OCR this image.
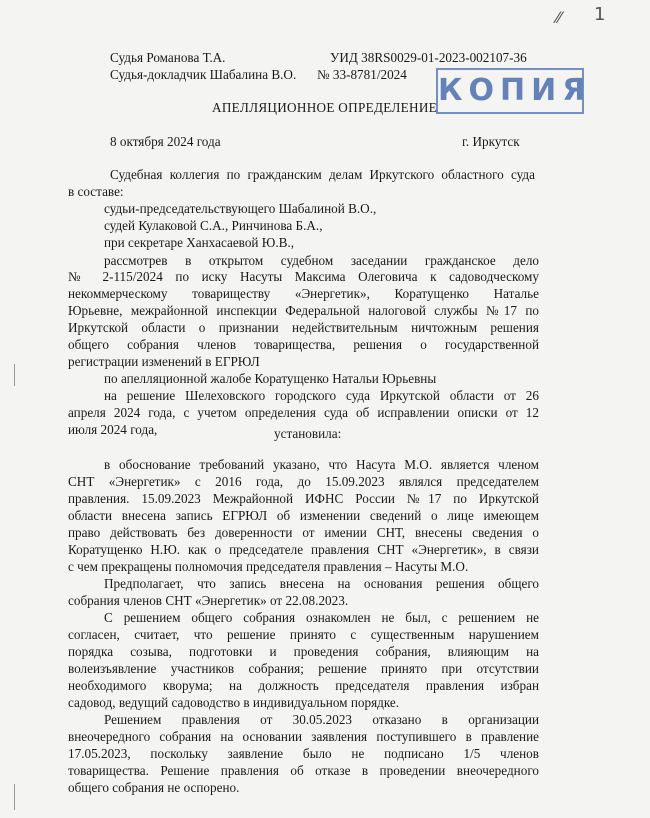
⁄⁄ 1
Судья Романова Т.А.	УИД 38RS0029-01-2023-002107-36
Судья-докладчик Шабалина В.О. № 33-8781/2024
АПЕЛЛЯЦИОННОЕ ОПРЕДЕЛЕНИЕ КОПИЯ
8 октября 2024 года	г. Иркутск
Судебная коллегия по гражданским делам Иркутского областного суда
в составе:
судьи-председательствующего Шабалиной В.О.,
судей Кулаковой С.А., Ринчинова Б.А.,
при секретаре Ханхасаевой Ю.В.,
рассмотрев в открытом судебном заседании гражданское дело
№ 2-115/2024 по иску Насуты Максима Олеговича к садоводческому
некоммерческому товариществу «Энергетик», Коратущенко Наталье
Юрьевне, межрайонной инспекции Федеральной налоговой службы №17 по
Иркутской области о признании недействительным ничтожным решения
общего собрания членов товарищества, решения о государственной
регистрации изменений в ЕГРЮЛ
по апелляционной жалобе Коратущенко Натальи Юрьевны
на решение Шелеховского городского суда Иркутской области от 26
апреля 2024 года, с учетом определения суда об исправлении описки от 12
июля 2024 года,	установила:
в обоснование требований указано, что Насута М.О. является членом
СНТ «Энергетик» с 2016 года, до 15.09.2023 являлся председателем
правления. 15.09.2023 Межрайонной ИФНС России №17 по Иркутской
области внесена запись ЕГРЮЛ об изменении сведений о лице имеющем
право действовать без доверенности от имении СНТ, внесены сведения о
Коратущенко Н.Ю. как о председателе правления СНТ «Энергетик», в связи
с чем прекращены полномочия председателя правления – Насуты М.О.
Предполагает, что запись внесена на основания решения общего
собрания членов СНТ «Энергетик» от 22.08.2023.
С решением общего собрания ознакомлен не был, с решением не
согласен, считает, что решение принято с существенным нарушением
порядка созыва, подготовки и проведения собрания, влияющим на
волеизъявление участников собрания; решение принято при отсутствии
необходимого кворума; на должность председателя правления избран
садовод, ведущий садоводство в индивидуальном порядке.
Решением правления от 30.05.2023 отказано в организации
внеочередного собрания на основании заявления поступившего в правление
17.05.2023, поскольку заявление было не подписано 1/5 членов
товарищества. Решение правления об отказе в проведении внеочередного
общего собрания не оспорено.
